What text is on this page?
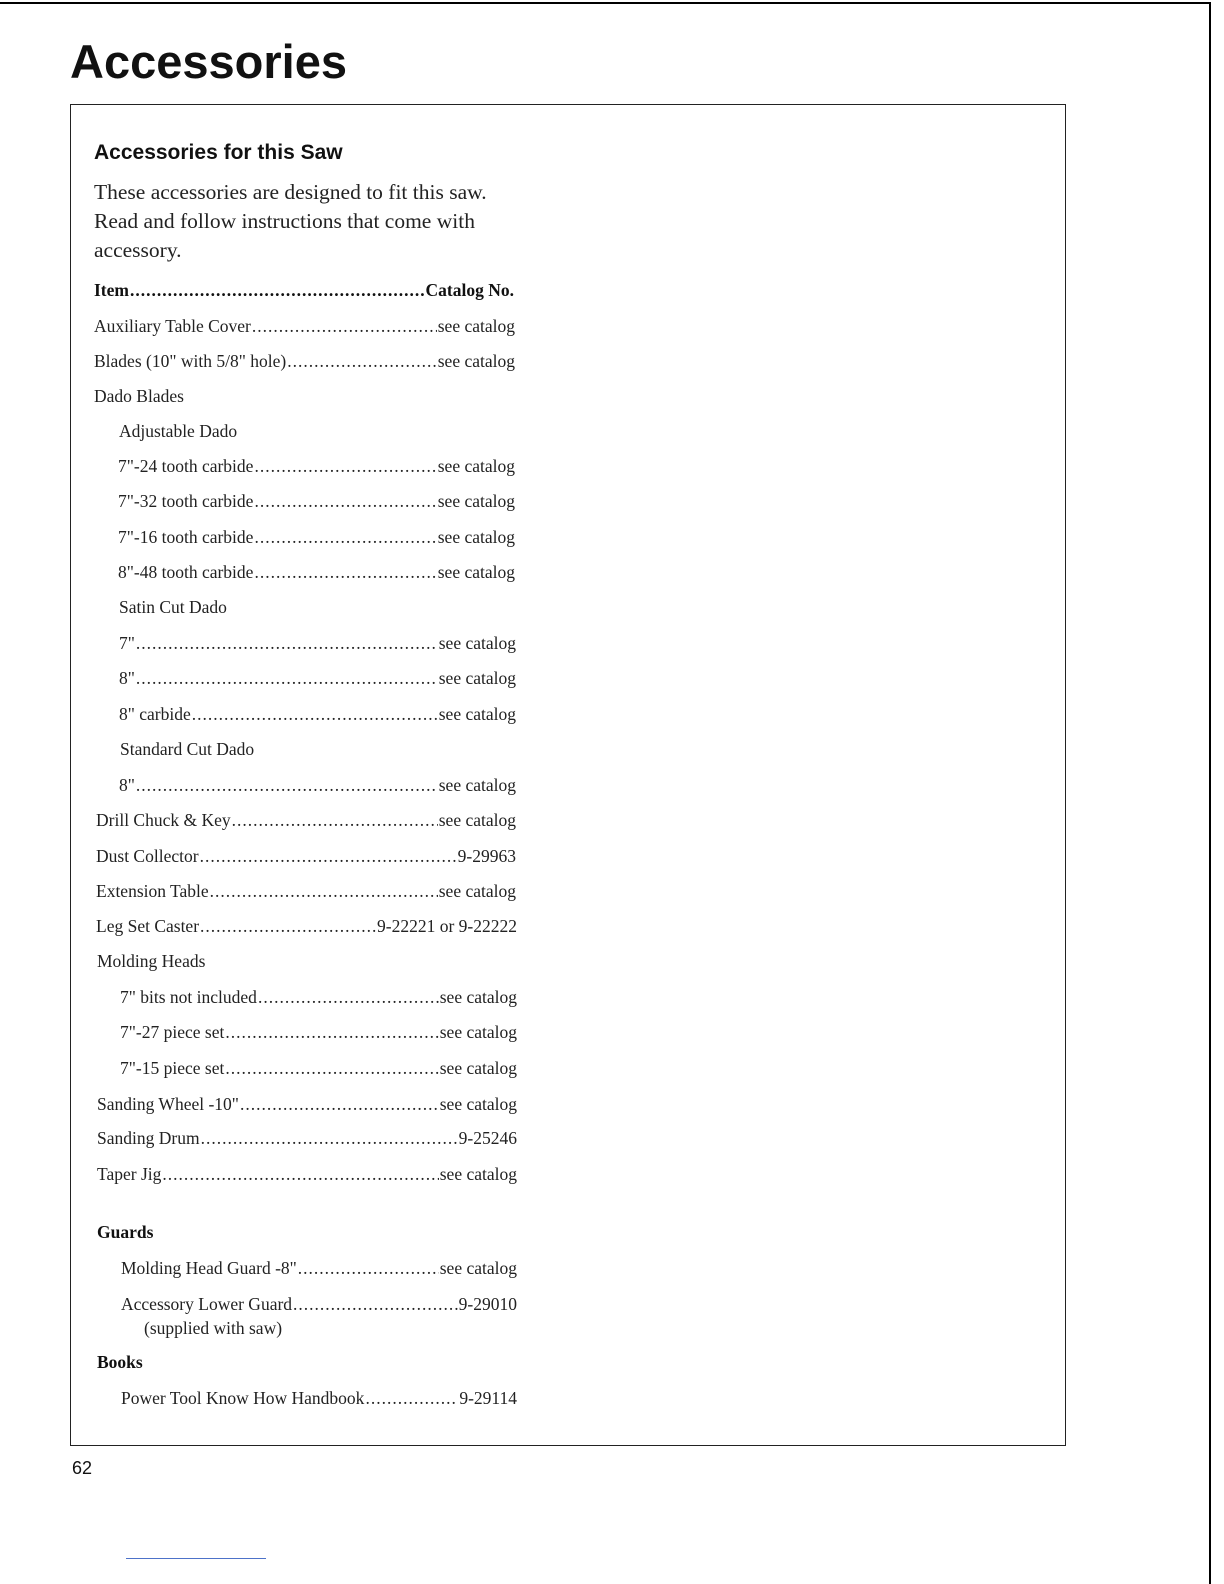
Accessories
Accessories for this Saw

These accessories are designed to fit this saw. Read and follow instructions that come with accessory.

Item .....	Catalog No.
Auxiliary Table Cover .....	see catalog
Blades (10" with 5/8" hole) .....	see catalog
Dado Blades
Adjustable Dado
7"-24 tooth carbide .....	see catalog
7"-32 tooth carbide .....	see catalog
7"-16 tooth carbide .....	see catalog
8"-48 tooth carbide .....	see catalog
Satin Cut Dado
7" .....	see catalog
8" .....	see catalog
8" carbide .....	see catalog
Standard Cut Dado
8" .....	see catalog
Drill Chuck & Key .....	see catalog
Dust Collector .....	9-29963
Extension Table .....	see catalog
Leg Set Caster .....	9-22221 or 9-22222
Molding Heads
7" bits not included .....	see catalog
7"-27 piece set .....	see catalog
7"-15 piece set .....	see catalog
Sanding Wheel -10" .....	see catalog
Sanding Drum .....	9-25246
Taper Jig .....	see catalog
Guards
Molding Head Guard -8" .....	see catalog
Accessory Lower Guard .....	9-29010
(supplied with saw)
Books
Power Tool Know How Handbook .....	9-29114
62
